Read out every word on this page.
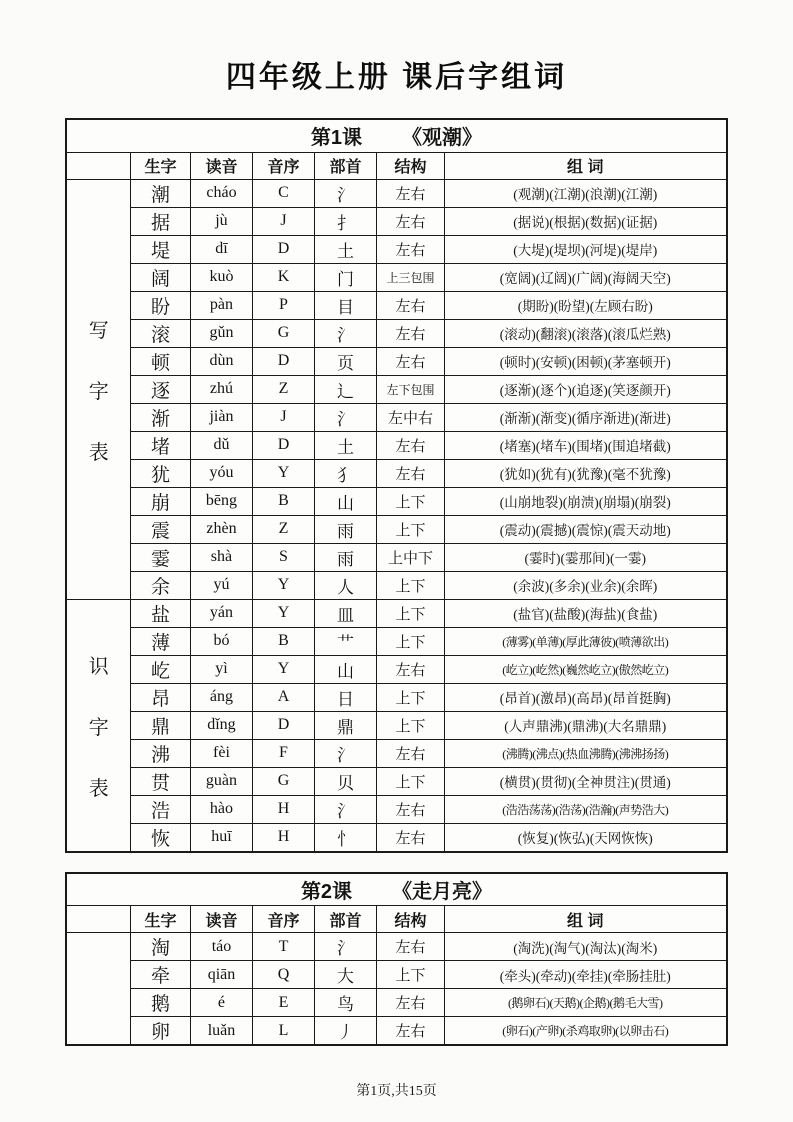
四年级上册 课后字组词
第1课 《观潮》						
	生字	读音	音序	部首	结构	组 词

写
字
表	潮	cháo	C	氵	左右	(观潮)(江潮)(浪潮)(江潮)
	据	jù	J	扌	左右	(据说)(根据)(数据)(证据)
	堤	dī	D	土	左右	(大堤)(堤坝)(河堤)(堤岸)
	阔	kuò	K	门	上三包围	(宽阔)(辽阔)(广阔)(海阔天空)
	盼	pàn	P	目	左右	(期盼)(盼望)(左顾右盼)
	滚	gǔn	G	氵	左右	(滚动)(翻滚)(滚落)(滚瓜烂熟)
	顿	dùn	D	页	左右	(顿时)(安顿)(困顿)(茅塞顿开)
	逐	zhú	Z	辶	左下包围	(逐渐)(逐个)(追逐)(笑逐颜开)
	渐	jiàn	J	氵	左中右	(渐渐)(渐变)(循序渐进)(渐进)
	堵	dǔ	D	土	左右	(堵塞)(堵车)(围堵)(围追堵截)
	犹	yóu	Y	犭	左右	(犹如)(犹有)(犹豫)(毫不犹豫)
	崩	bēng	B	山	上下	(山崩地裂)(崩溃)(崩塌)(崩裂)
	震	zhèn	Z	雨	上下	(震动)(震撼)(震惊)(震天动地)
	霎	shà	S	雨	上中下	(霎时)(霎那间)(一霎)
	余	yú	Y	人	上下	(余波)(多余)(业余)(余晖)

识
字
表	盐	yán	Y	皿	上下	(盐官)(盐酸)(海盐)(食盐)
	薄	bó	B	艹	上下	(薄雾)(单薄)(厚此薄彼)(喷薄欲出)
	屹	yì	Y	山	左右	(屹立)(屹然)(巍然屹立)(傲然屹立)
	昂	áng	A	日	上下	(昂首)(激昂)(高昂)(昂首挺胸)
	鼎	dǐng	D	鼎	上下	(人声鼎沸)(鼎沸)(大名鼎鼎)
	沸	fèi	F	氵	左右	(沸腾)(沸点)(热血沸腾)(沸沸扬扬)
	贯	guàn	G	贝	上下	(横贯)(贯彻)(全神贯注)(贯通)
	浩	hào	H	氵	左右	(浩浩荡荡)(浩荡)(浩瀚)(声势浩大)
	恢	huī	H	忄	左右	(恢复)(恢弘)(天网恢恢)
第2课 《走月亮》						
	生字	读音	音序	部首	结构	组 词

	淘	táo	T	氵	左右	(淘洗)(淘气)(淘汰)(淘米)
	牵	qiān	Q	大	上下	(牵头)(牵动)(牵挂)(牵肠挂肚)
	鹅	é	E	鸟	左右	(鹅卵石)(天鹅)(企鹅)(鹅毛大雪)
	卵	luǎn	L	丿	左右	(卵石)(产卵)(杀鸡取卵)(以卵击石)
第1页,共15页
